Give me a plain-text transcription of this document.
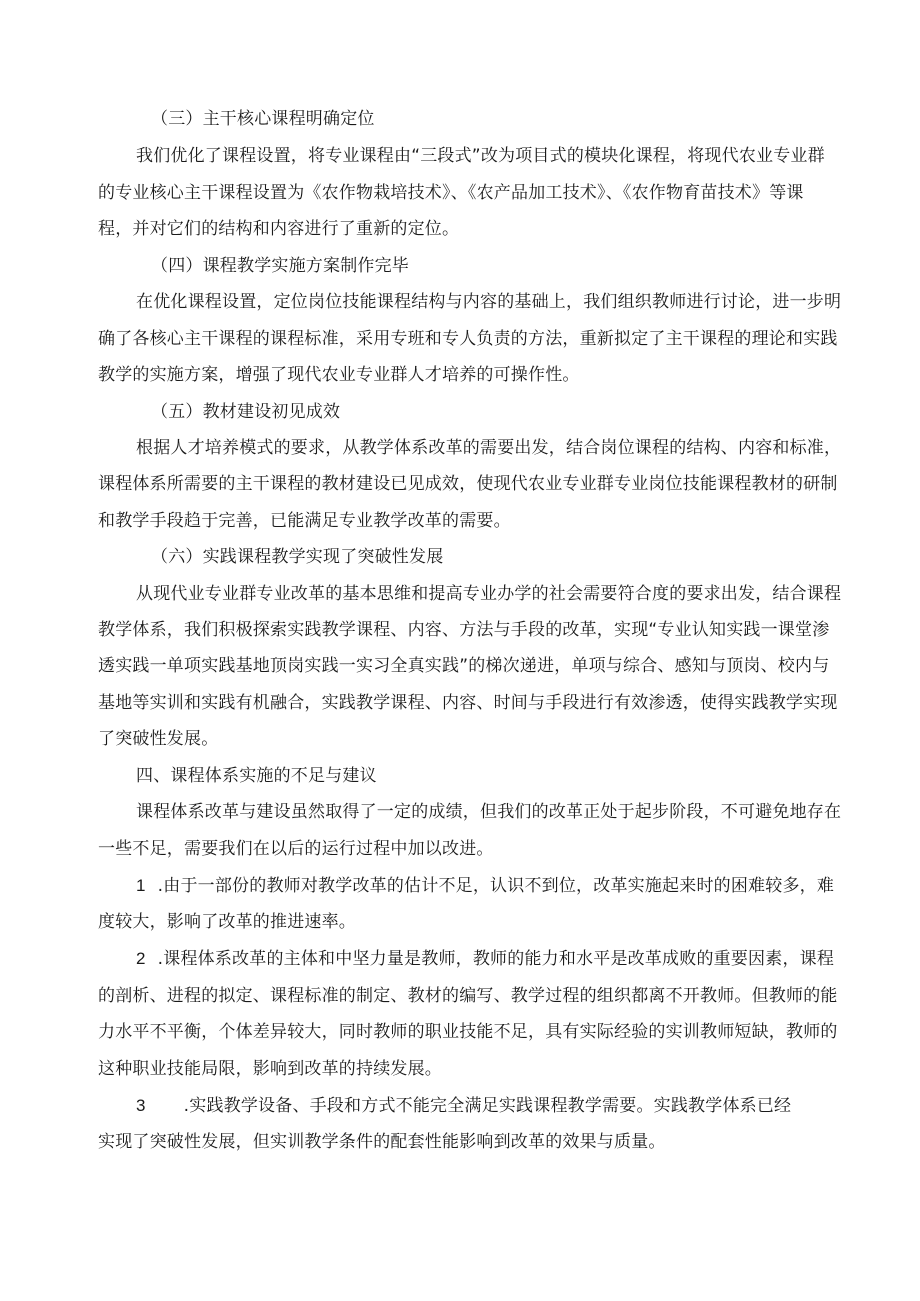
（三）主干核心课程明确定位
我们优化了课程设置，将专业课程由“三段式”改为项目式的模块化课程，将现代农业专业群
的专业核心主干课程设置为《农作物栽培技术》、《农产品加工技术》、《农作物育苗技术》等课
程，并对它们的结构和内容进行了重新的定位。
（四）课程教学实施方案制作完毕
在优化课程设置，定位岗位技能课程结构与内容的基础上，我们组织教师进行讨论，进一步明
确了各核心主干课程的课程标准，采用专班和专人负责的方法，重新拟定了主干课程的理论和实践
教学的实施方案，增强了现代农业专业群人才培养的可操作性。
（五）教材建设初见成效
根据人才培养模式的要求，从教学体系改革的需要出发，结合岗位课程的结构、内容和标准，
课程体系所需要的主干课程的教材建设已见成效，使现代农业专业群专业岗位技能课程教材的研制
和教学手段趋于完善，已能满足专业教学改革的需要。
（六）实践课程教学实现了突破性发展
从现代业专业群专业改革的基本思维和提高专业办学的社会需要符合度的要求出发，结合课程
教学体系，我们积极探索实践教学课程、内容、方法与手段的改革，实现“专业认知实践一课堂渗
透实践一单项实践基地顶岗实践一实习全真实践”的梯次递进，单项与综合、感知与顶岗、校内与
基地等实训和实践有机融合，实践教学课程、内容、时间与手段进行有效渗透，使得实践教学实现
了突破性发展。
四、课程体系实施的不足与建议
课程体系改革与建设虽然取得了一定的成绩，但我们的改革正处于起步阶段，不可避免地存在
一些不足，需要我们在以后的运行过程中加以改进。
1 .由于一部份的教师对教学改革的估计不足，认识不到位，改革实施起来时的困难较多，难
度较大，影响了改革的推进速率。
2 .课程体系改革的主体和中坚力量是教师，教师的能力和水平是改革成败的重要因素，课程
的剖析、进程的拟定、课程标准的制定、教材的编写、教学过程的组织都离不开教师。但教师的能
力水平不平衡，个体差异较大，同时教师的职业技能不足，具有实际经验的实训教师短缺，教师的
这种职业技能局限，影响到改革的持续发展。
3 .实践教学设备、手段和方式不能完全满足实践课程教学需要。实践教学体系已经
实现了突破性发展，但实训教学条件的配套性能影响到改革的效果与质量。
